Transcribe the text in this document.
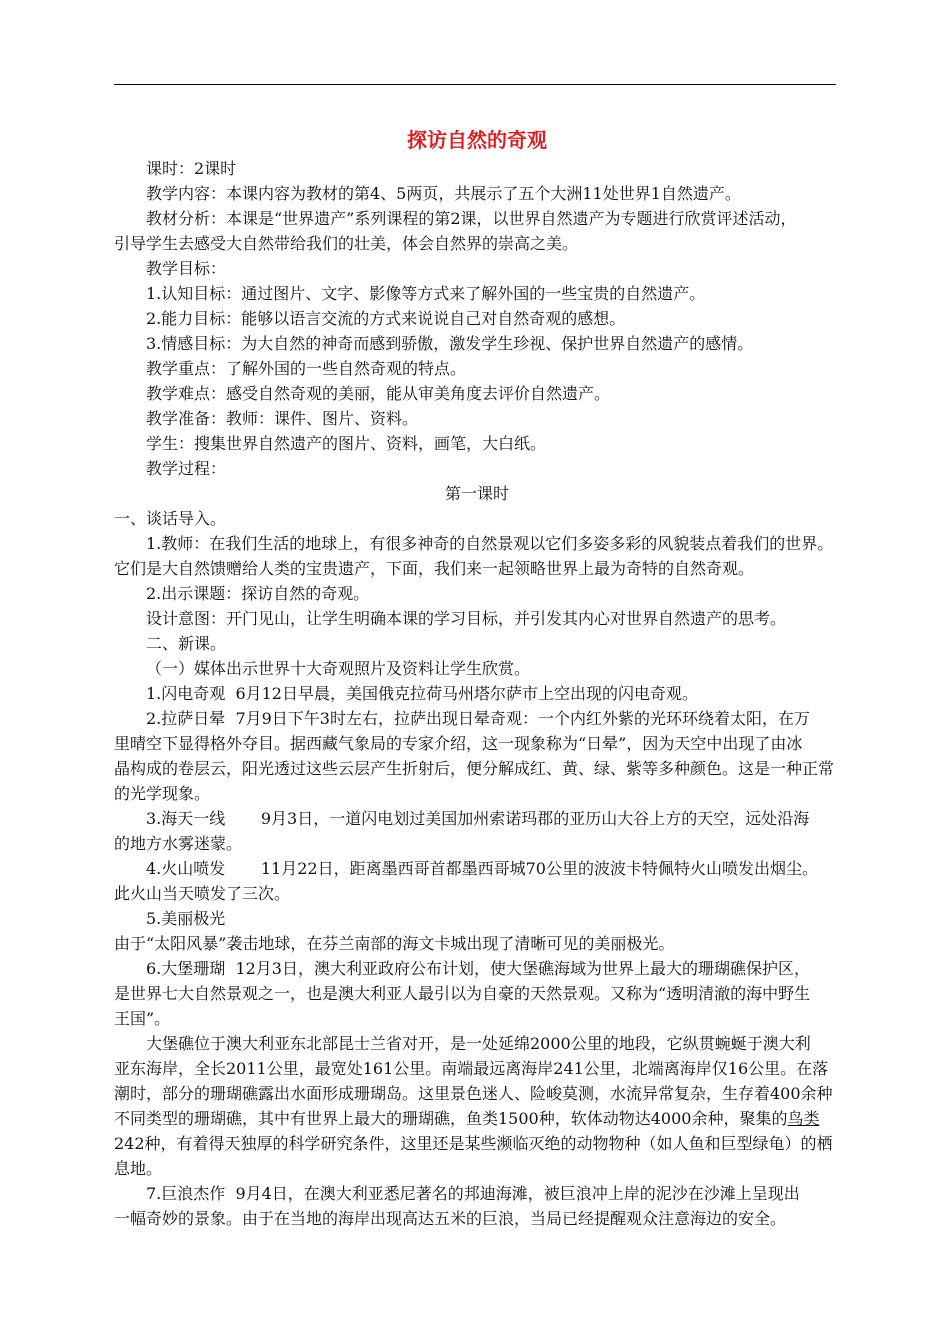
探访自然的奇观

课时：2课时

教学内容：本课内容为教材的第4、5两页，共展示了五个大洲11处世界1自然遗产。

教材分析：本课是“世界遗产”系列课程的第2课，以世界自然遗产为专题进行欣赏评述活动，

引导学生去感受大自然带给我们的壮美，体会自然界的崇高之美。

教学目标：

1.认知目标：通过图片、文字、影像等方式来了解外国的一些宝贵的自然遗产。

2.能力目标：能够以语言交流的方式来说说自己对自然奇观的感想。

3.情感目标：为大自然的神奇而感到骄傲，激发学生珍视、保护世界自然遗产的感情。

教学重点：了解外国的一些自然奇观的特点。

教学难点：感受自然奇观的美丽，能从审美角度去评价自然遗产。

教学准备：教师：课件、图片、资料。

学生：搜集世界自然遗产的图片、资料，画笔，大白纸。

教学过程：

第一课时

一、谈话导入。

1.教师：在我们生活的地球上，有很多神奇的自然景观以它们多姿多彩的风貌装点着我们的世界。

它们是大自然馈赠给人类的宝贵遗产，下面，我们来一起领略世界上最为奇特的自然奇观。

2.出示课题：探访自然的奇观。

设计意图：开门见山，让学生明确本课的学习目标，并引发其内心对世界自然遗产的思考。

二、新课。

（一）媒体出示世界十大奇观照片及资料让学生欣赏。

1.闪电奇观  6月12日早晨，美国俄克拉荷马州塔尔萨市上空出现的闪电奇观。

2.拉萨日晕  7月9日下午3时左右，拉萨出现日晕奇观：一个内红外紫的光环环绕着太阳，在万

里晴空下显得格外夺目。据西藏气象局的专家介绍，这一现象称为“日晕”，因为天空中出现了由冰

晶构成的卷层云，阳光透过这些云层产生折射后，便分解成红、黄、绿、紫等多种颜色。这是一种正常

的光学现象。

3.海天一线       9月3日，一道闪电划过美国加州索诺玛郡的亚历山大谷上方的天空，远处沿海

的地方水雾迷蒙。

4.火山喷发       11月22日，距离墨西哥首都墨西哥城70公里的波波卡特佩特火山喷发出烟尘。

此火山当天喷发了三次。

5.美丽极光

由于“太阳风暴”袭击地球，在芬兰南部的海文卡城出现了清晰可见的美丽极光。

6.大堡珊瑚  12月3日，澳大利亚政府公布计划，使大堡礁海域为世界上最大的珊瑚礁保护区，

是世界七大自然景观之一，也是澳大利亚人最引以为自豪的天然景观。又称为“透明清澈的海中野生

王国”。

大堡礁位于澳大利亚东北部昆士兰省对开，是一处延绵2000公里的地段，它纵贯蜿蜒于澳大利

亚东海岸，全长2011公里，最宽处161公里。南端最远离海岸241公里，北端离海岸仅16公里。在落

潮时，部分的珊瑚礁露出水面形成珊瑚岛。这里景色迷人、险峻莫测，水流异常复杂，生存着400余种

不同类型的珊瑚礁，其中有世界上最大的珊瑚礁，鱼类1500种，软体动物达4000余种，聚集的鸟类

242种，有着得天独厚的科学研究条件，这里还是某些濒临灭绝的动物物种（如人鱼和巨型绿龟）的栖

息地。

7.巨浪杰作  9月4日，在澳大利亚悉尼著名的邦迪海滩，被巨浪冲上岸的泥沙在沙滩上呈现出

一幅奇妙的景象。由于在当地的海岸出现高达五米的巨浪，当局已经提醒观众注意海边的安全。
